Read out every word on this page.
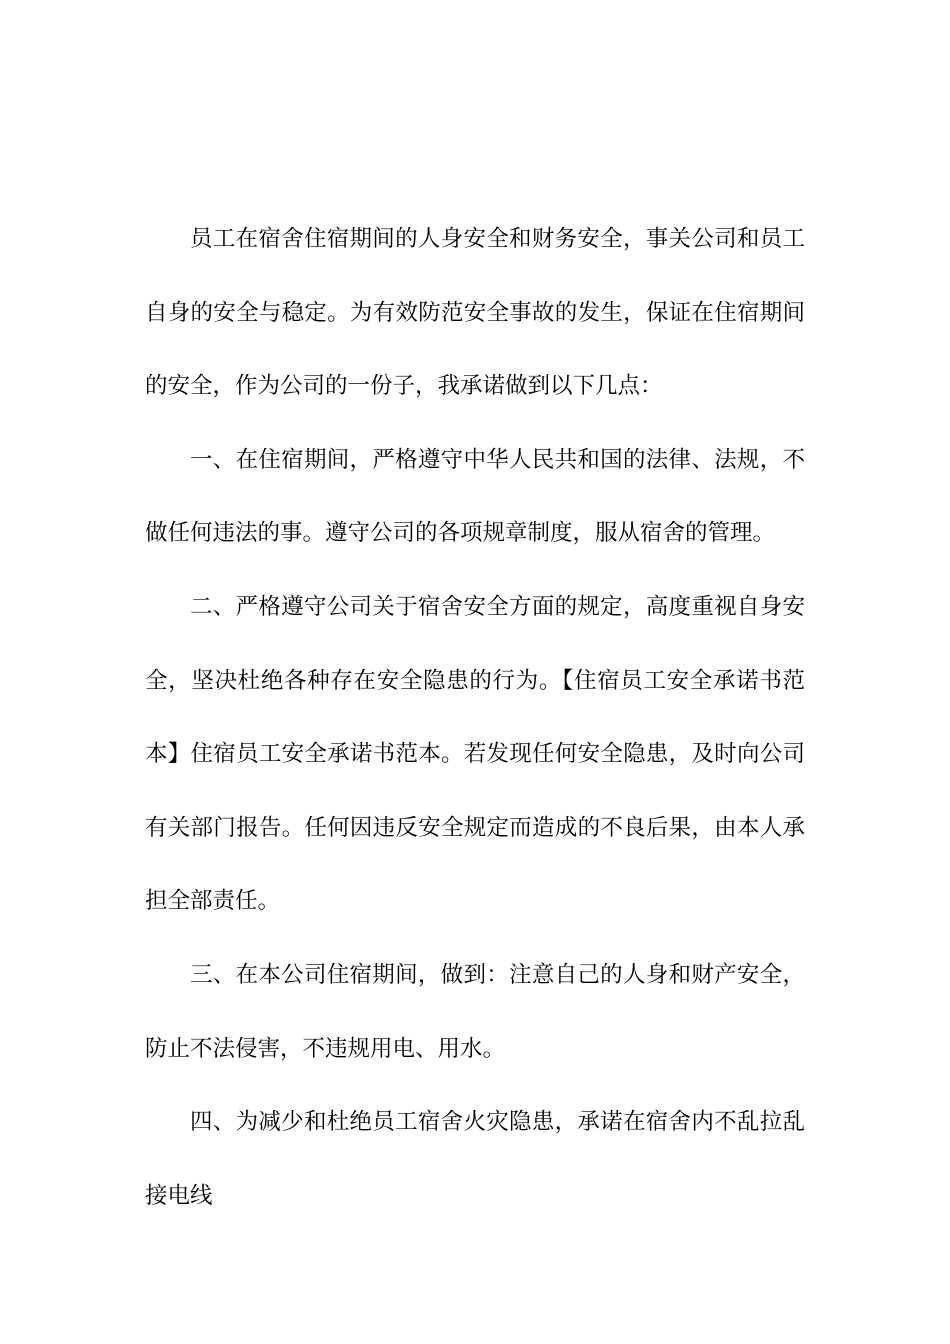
员工在宿舍住宿期间的人身安全和财务安全，事关公司和员工
自身的安全与稳定。为有效防范安全事故的发生，保证在住宿期间
的安全，作为公司的一份子，我承诺做到以下几点：
一、在住宿期间，严格遵守中华人民共和国的法律、法规，不
做任何违法的事。遵守公司的各项规章制度，服从宿舍的管理。
二、严格遵守公司关于宿舍安全方面的规定，高度重视自身安
全，坚决杜绝各种存在安全隐患的行为。【住宿员工安全承诺书范
本】住宿员工安全承诺书范本。若发现任何安全隐患，及时向公司
有关部门报告。任何因违反安全规定而造成的不良后果，由本人承
担全部责任。
三、在本公司住宿期间，做到：注意自己的人身和财产安全，
防止不法侵害，不违规用电、用水。
四、为减少和杜绝员工宿舍火灾隐患，承诺在宿舍内不乱拉乱
接电线
